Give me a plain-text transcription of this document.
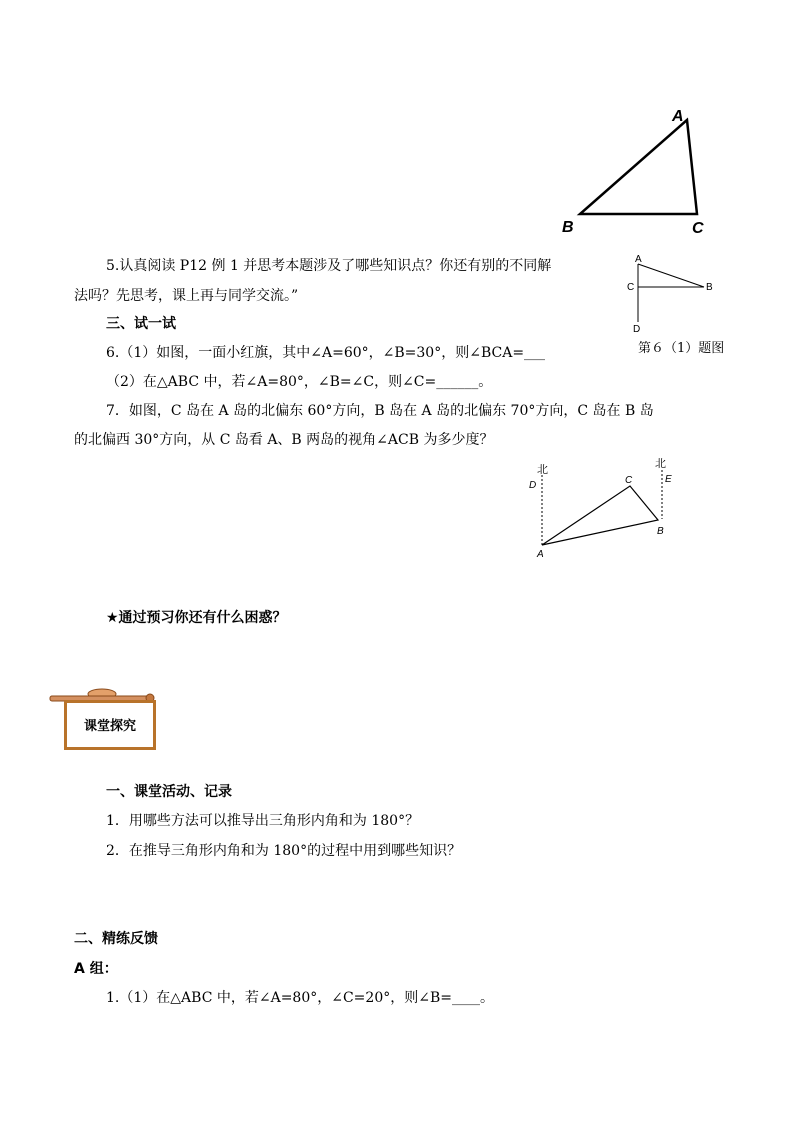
A
B	C
A
C	B
D
第６（1）题图
5.认真阅读 P12 例 1 并思考本题涉及了哪些知识点？你还有别的不同解
法吗？先思考，课上再与同学交流。”
三、试一试
6.（1）如图，一面小红旗，其中∠A=60°，∠B=30°，则∠BCA=___
（2）在△ABC 中，若∠A=80°，∠B=∠C，则∠C=______。
7．如图，C 岛在 A 岛的北偏东 60°方向，B 岛在 A 岛的北偏东 70°方向，C 岛在 B 岛
的北偏西 30°方向，从 C 岛看 A、B 两岛的视角∠ACB 为多少度？
北	北
D
E
C
A
B
★通过预习你还有什么困惑？
课堂探究
一、课堂活动、记录
1．用哪些方法可以推导出三角形内角和为 180°？
2．在推导三角形内角和为 180°的过程中用到哪些知识？
二、精练反馈
A 组：
1.（1）在△ABC 中，若∠A=80°，∠C=20°，则∠B=____。
